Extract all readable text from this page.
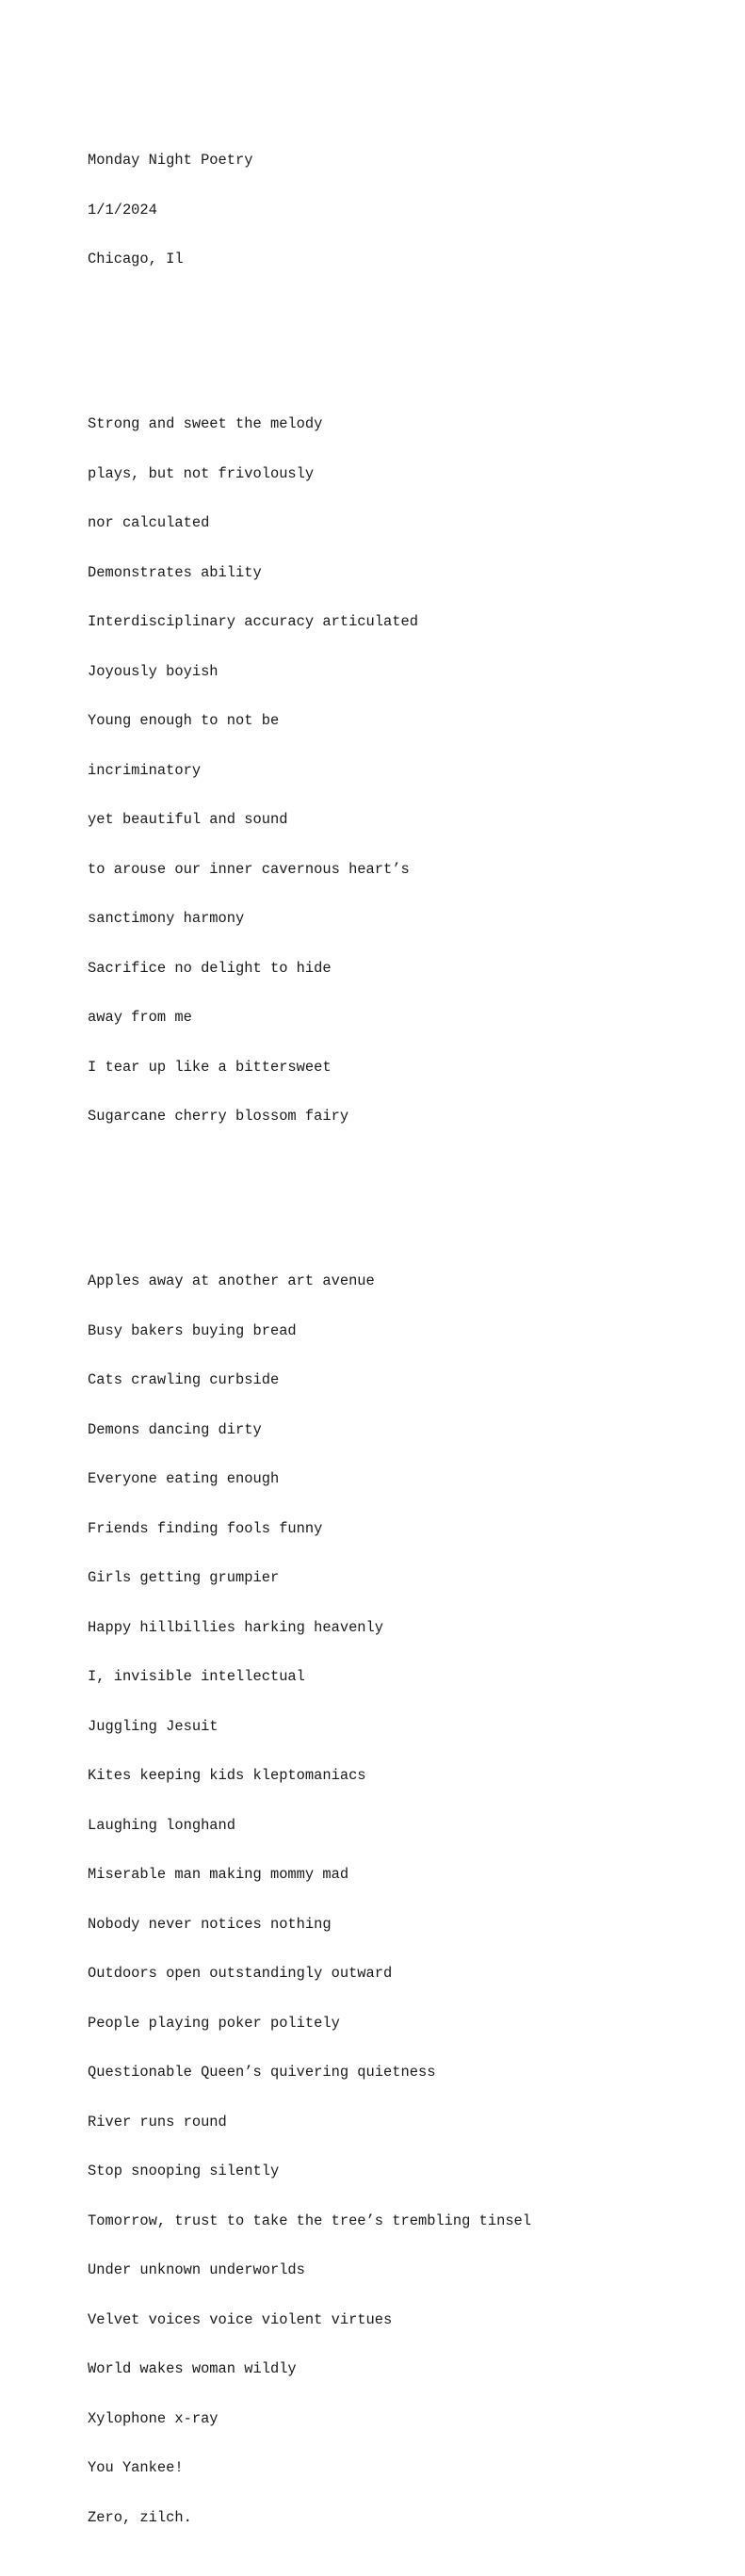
Monday Night Poetry

1/1/2024

Chicago, Il

Strong and sweet the melody

plays, but not frivolously

nor calculated

Demonstrates ability

Interdisciplinary accuracy articulated

Joyously boyish

Young enough to not be

incriminatory

yet beautiful and sound

to arouse our inner cavernous heart’s

sanctimony harmony

Sacrifice no delight to hide

away from me

I tear up like a bittersweet

Sugarcane cherry blossom fairy

Apples away at another art avenue

Busy bakers buying bread

Cats crawling curbside

Demons dancing dirty

Everyone eating enough

Friends finding fools funny

Girls getting grumpier

Happy hillbillies harking heavenly

I, invisible intellectual

Juggling Jesuit

Kites keeping kids kleptomaniacs

Laughing longhand

Miserable man making mommy mad

Nobody never notices nothing

Outdoors open outstandingly outward

People playing poker politely

Questionable Queen’s quivering quietness

River runs round

Stop snooping silently

Tomorrow, trust to take the tree’s trembling tinsel

Under unknown underworlds

Velvet voices voice violent virtues

World wakes woman wildly

Xylophone x-ray

You Yankee!

Zero, zilch.
